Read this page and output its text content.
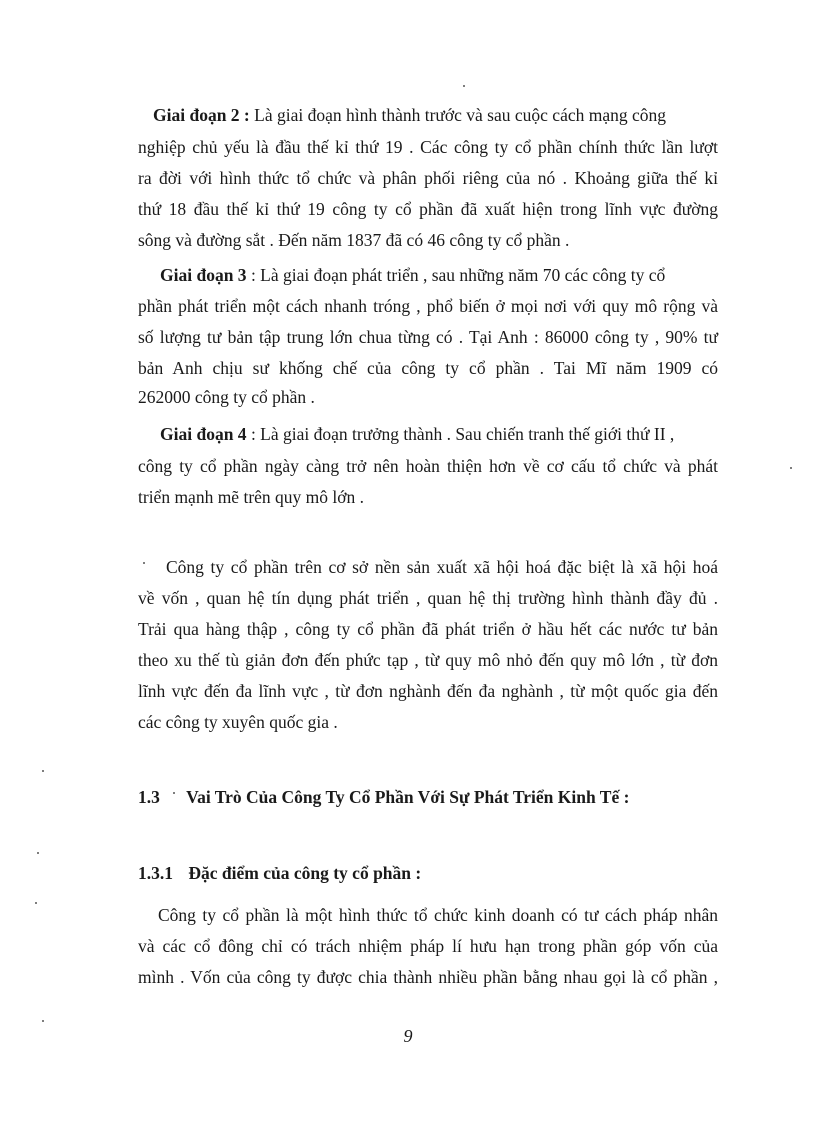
Giai đoạn 2 : Là giai đoạn hình thành trước và sau cuộc cách mạng công
nghiệp chủ yếu là đầu thế kỉ thứ 19 . Các công ty cổ phần chính thức lần lượt
ra đời với hình thức tổ chức và phân phối riêng của nó . Khoảng giữa thế kỉ
thứ 18 đầu thế kỉ thứ 19 công ty cổ phần đã xuất hiện trong lĩnh vực đường
sông và đường sắt . Đến năm 1837 đã có 46 công ty cổ phần .
Giai đoạn 3 : Là giai đoạn phát triển , sau những năm 70 các công ty cổ
phần phát triển một cách nhanh tróng , phổ biến ở mọi nơi với quy mô rộng và
số lượng tư bản tập trung lớn chua từng có . Tại Anh : 86000 công ty , 90% tư
bản Anh chịu sư khống chế của công ty cổ phần . Tai Mĩ năm 1909 có
262000 công ty cổ phần .
Giai đoạn 4 : Là giai đoạn trưởng thành . Sau chiến tranh thế giới thứ II ,
công ty cổ phần ngày càng trở nên hoàn thiện hơn về cơ cấu tổ chức và phát
triển mạnh mẽ trên quy mô lớn .
Công ty cổ phần trên cơ sở nền sản xuất xã hội hoá đặc biệt là xã hội hoá
về vốn , quan hệ tín dụng phát triển , quan hệ thị trường hình thành đầy đủ .
Trải qua hàng thập , công ty cổ phần đã phát triển ở hầu hết các nước tư bản
theo xu thế tù giản đơn đến phức tạp , từ quy mô nhỏ đến quy mô lớn , từ đơn
lĩnh vực đến đa lĩnh vực , từ đơn nghành đến đa nghành , từ một quốc gia đến
các công ty xuyên quốc gia .
1.3 Vai Trò Của Công Ty Cổ Phần Với Sự Phát Triển Kinh Tế :
1.3.1 Đặc điểm của công ty cổ phần :
Công ty cổ phần là một hình thức tổ chức kinh doanh có tư cách pháp nhân
và các cổ đông chỉ có trách nhiệm pháp lí hưu hạn trong phần góp vốn của
mình . Vốn của công ty được chia thành nhiều phần bằng nhau gọi là cổ phần ,
9
